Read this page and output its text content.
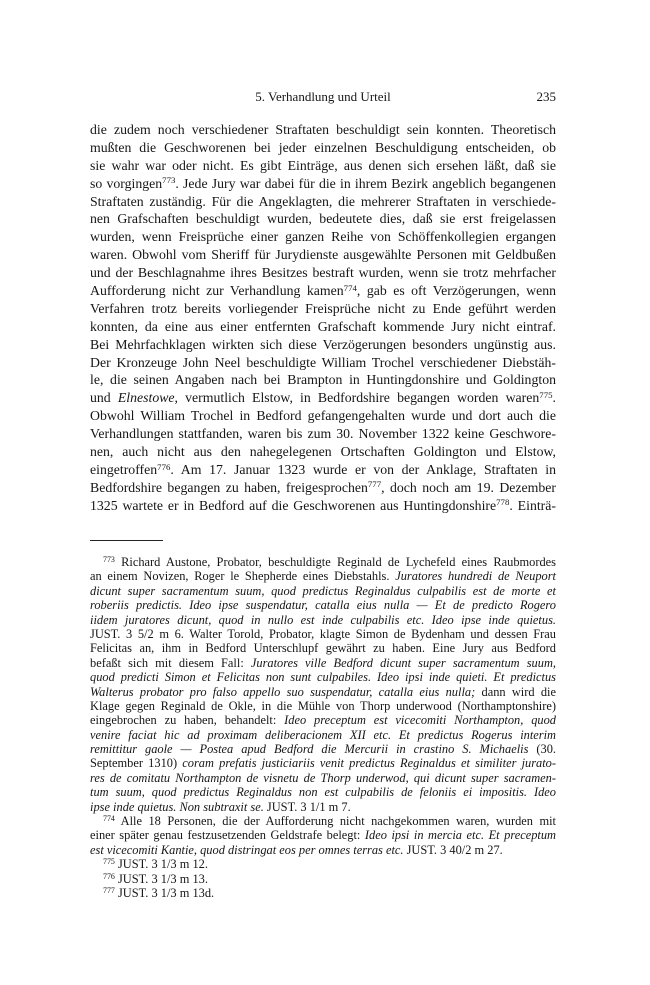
5. Verhandlung und Urteil	235
die zudem noch verschiedener Straftaten beschuldigt sein konnten. Theoretisch
mußten die Geschworenen bei jeder einzelnen Beschuldigung entscheiden, ob
sie wahr war oder nicht. Es gibt Einträge, aus denen sich ersehen läßt, daß sie
so vorgingen$^{773}$. Jede Jury war dabei für die in ihrem Bezirk angeblich begangenen
Straftaten zuständig. Für die Angeklagten, die mehrerer Straftaten in verschiede-
nen Grafschaften beschuldigt wurden, bedeutete dies, daß sie erst freigelassen
wurden, wenn Freisprüche einer ganzen Reihe von Schöffenkollegien ergangen
waren. Obwohl vom Sheriff für Jurydienste ausgewählte Personen mit Geldbußen
und der Beschlagnahme ihres Besitzes bestraft wurden, wenn sie trotz mehrfacher
Aufforderung nicht zur Verhandlung kamen$^{774}$, gab es oft Verzögerungen, wenn
Verfahren trotz bereits vorliegender Freisprüche nicht zu Ende geführt werden
konnten, da eine aus einer entfernten Grafschaft kommende Jury nicht eintraf.
Bei Mehrfachklagen wirkten sich diese Verzögerungen besonders ungünstig aus.
Der Kronzeuge John Neel beschuldigte William Trochel verschiedener Diebstäh-
le, die seinen Angaben nach bei Brampton in Huntingdonshire und Goldington
und Elnestowe, vermutlich Elstow, in Bedfordshire begangen worden waren$^{775}$.
Obwohl William Trochel in Bedford gefangengehalten wurde und dort auch die
Verhandlungen stattfanden, waren bis zum 30. November 1322 keine Geschwore-
nen, auch nicht aus den nahegelegenen Ortschaften Goldington und Elstow,
eingetroffen$^{776}$. Am 17. Januar 1323 wurde er von der Anklage, Straftaten in
Bedfordshire begangen zu haben, freigesprochen$^{777}$, doch noch am 19. Dezember
1325 wartete er in Bedford auf die Geschworenen aus Huntingdonshire$^{778}$. Einträ-
$^{773}$ Richard Austone, Probator, beschuldigte Reginald de Lychefeld eines Raubmordes
an einem Novizen, Roger le Shepherde eines Diebstahls. Juratores hundredi de Neuport
dicunt super sacramentum suum, quod predictus Reginaldus culpabilis est de morte et
roberiis predictis. Ideo ipse suspendatur, catalla eius nulla — Et de predicto Rogero
iidem juratores dicunt, quod in nullo est inde culpabilis etc. Ideo ipse inde quietus.
JUST. 3 5/2 m 6. Walter Torold, Probator, klagte Simon de Bydenham und dessen Frau
Felicitas an, ihm in Bedford Unterschlupf gewährt zu haben. Eine Jury aus Bedford
befaßt sich mit diesem Fall: Juratores ville Bedford dicunt super sacramentum suum,
quod predicti Simon et Felicitas non sunt culpabiles. Ideo ipsi inde quieti. Et predictus
Walterus probator pro falso appello suo suspendatur, catalla eius nulla; dann wird die
Klage gegen Reginald de Okle, in die Mühle von Thorp underwood (Northamptonshire)
eingebrochen zu haben, behandelt: Ideo preceptum est vicecomiti Northampton, quod
venire faciat hic ad proximam deliberacionem XII etc. Et predictus Rogerus interim
remittitur gaole — Postea apud Bedford die Mercurii in crastino S. Michaelis (30.
September 1310) coram prefatis justiciariis venit predictus Reginaldus et similiter jurato-
res de comitatu Northampton de visnetu de Thorp underwod, qui dicunt super sacramen-
tum suum, quod predictus Reginaldus non est culpabilis de feloniis ei impositis. Ideo
ipse inde quietus. Non subtraxit se. JUST. 3 1/1 m 7.
$^{774}$ Alle 18 Personen, die der Aufforderung nicht nachgekommen waren, wurden mit
einer später genau festzusetzenden Geldstrafe belegt: Ideo ipsi in mercia etc. Et preceptum
est vicecomiti Kantie, quod distringat eos per omnes terras etc. JUST. 3 40/2 m 27.
$^{775}$ JUST. 3 1/3 m 12.
$^{776}$ JUST. 3 1/3 m 13.
$^{777}$ JUST. 3 1/3 m 13d.
